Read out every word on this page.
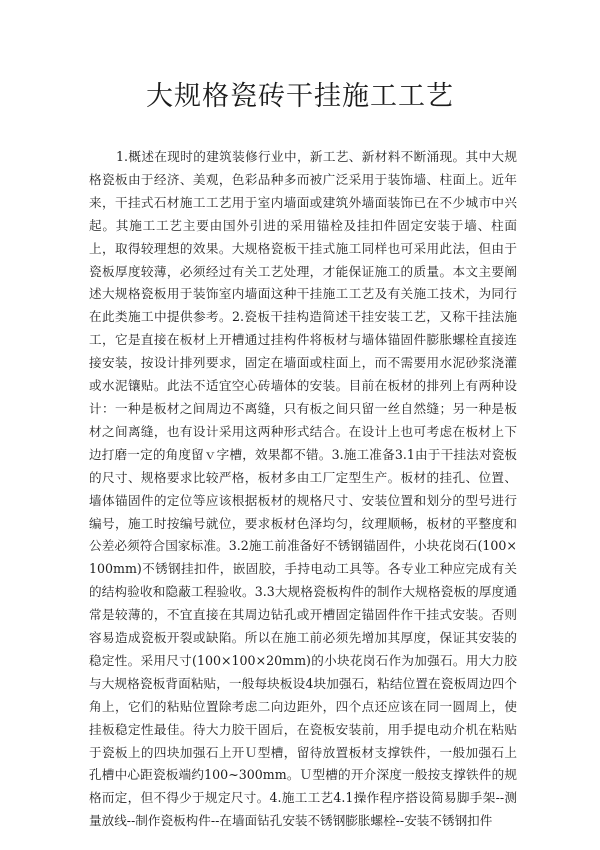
大规格瓷砖干挂施工工艺

1.概述在现时的建筑装修行业中，新工艺、新材料不断涌现。其中大规格瓷板由于经济、美观，色彩品种多而被广泛采用于装饰墙、柱面上。近年来，干挂式石材施工工艺用于室内墙面或建筑外墙面装饰已在不少城市中兴起。其施工工艺主要由国外引进的采用锚栓及挂扣件固定安装于墙、柱面上，取得较理想的效果。大规格瓷板干挂式施工同样也可采用此法，但由于瓷板厚度较薄，必须经过有关工艺处理，才能保证施工的质量。本文主要阐述大规格瓷板用于装饰室内墙面这种干挂施工工艺及有关施工技术，为同行在此类施工中提供参考。2.瓷板干挂构造简述干挂安装工艺，又称干挂法施工，它是直接在板材上开槽通过挂构件将板材与墙体锚固件膨胀螺栓直接连接安装，按设计排列要求，固定在墙面或柱面上，而不需要用水泥砂浆浇灌或水泥镶贴。此法不适宜空心砖墙体的安装。目前在板材的排列上有两种设计：一种是板材之间周边不离缝，只有板之间只留一丝自然缝；另一种是板材之间离缝，也有设计采用这两种形式结合。在设计上也可考虑在板材上下边打磨一定的角度留ｖ字槽，效果都不错。3.施工准备3.1由于干挂法对瓷板的尺寸、规格要求比较严格，板材多由工厂定型生产。板材的挂孔、位置、墙体锚固件的定位等应该根据板材的规格尺寸、安装位置和划分的型号进行编号，施工时按编号就位，要求板材色泽均匀，纹理顺畅，板材的平整度和公差必须符合国家标准。3.2施工前准备好不锈钢锚固件，小块花岗石(100×100mm)不锈钢挂扣件，嵌固胶，手持电动工具等。各专业工种应完成有关的结构验收和隐蔽工程验收。3.3大规格瓷板构件的制作大规格瓷板的厚度通常是较薄的，不宜直接在其周边钻孔或开槽固定锚固件作干挂式安装。否则容易造成瓷板开裂或缺陷。所以在施工前必须先增加其厚度，保证其安装的稳定性。采用尺寸(100×100×20mm)的小块花岗石作为加强石。用大力胶与大规格瓷板背面粘贴，一般每块板设4块加强石，粘结位置在瓷板周边四个角上，它们的粘贴位置除考虑二向边距外，四个点还应该在同一圆周上，使挂板稳定性最佳。待大力胶干固后，在瓷板安装前，用手提电动介机在粘贴于瓷板上的四块加强石上开Ｕ型槽，留待放置板材支撑铁件，一般加强石上孔槽中心距瓷板端约100~300mm。Ｕ型槽的开介深度一般按支撑铁件的规格而定，但不得少于规定尺寸。4.施工工艺4.1操作程序搭设简易脚手架--测量放线--制作瓷板构件--在墙面钻孔安装不锈钢膨胀螺栓--安装不锈钢扣件
